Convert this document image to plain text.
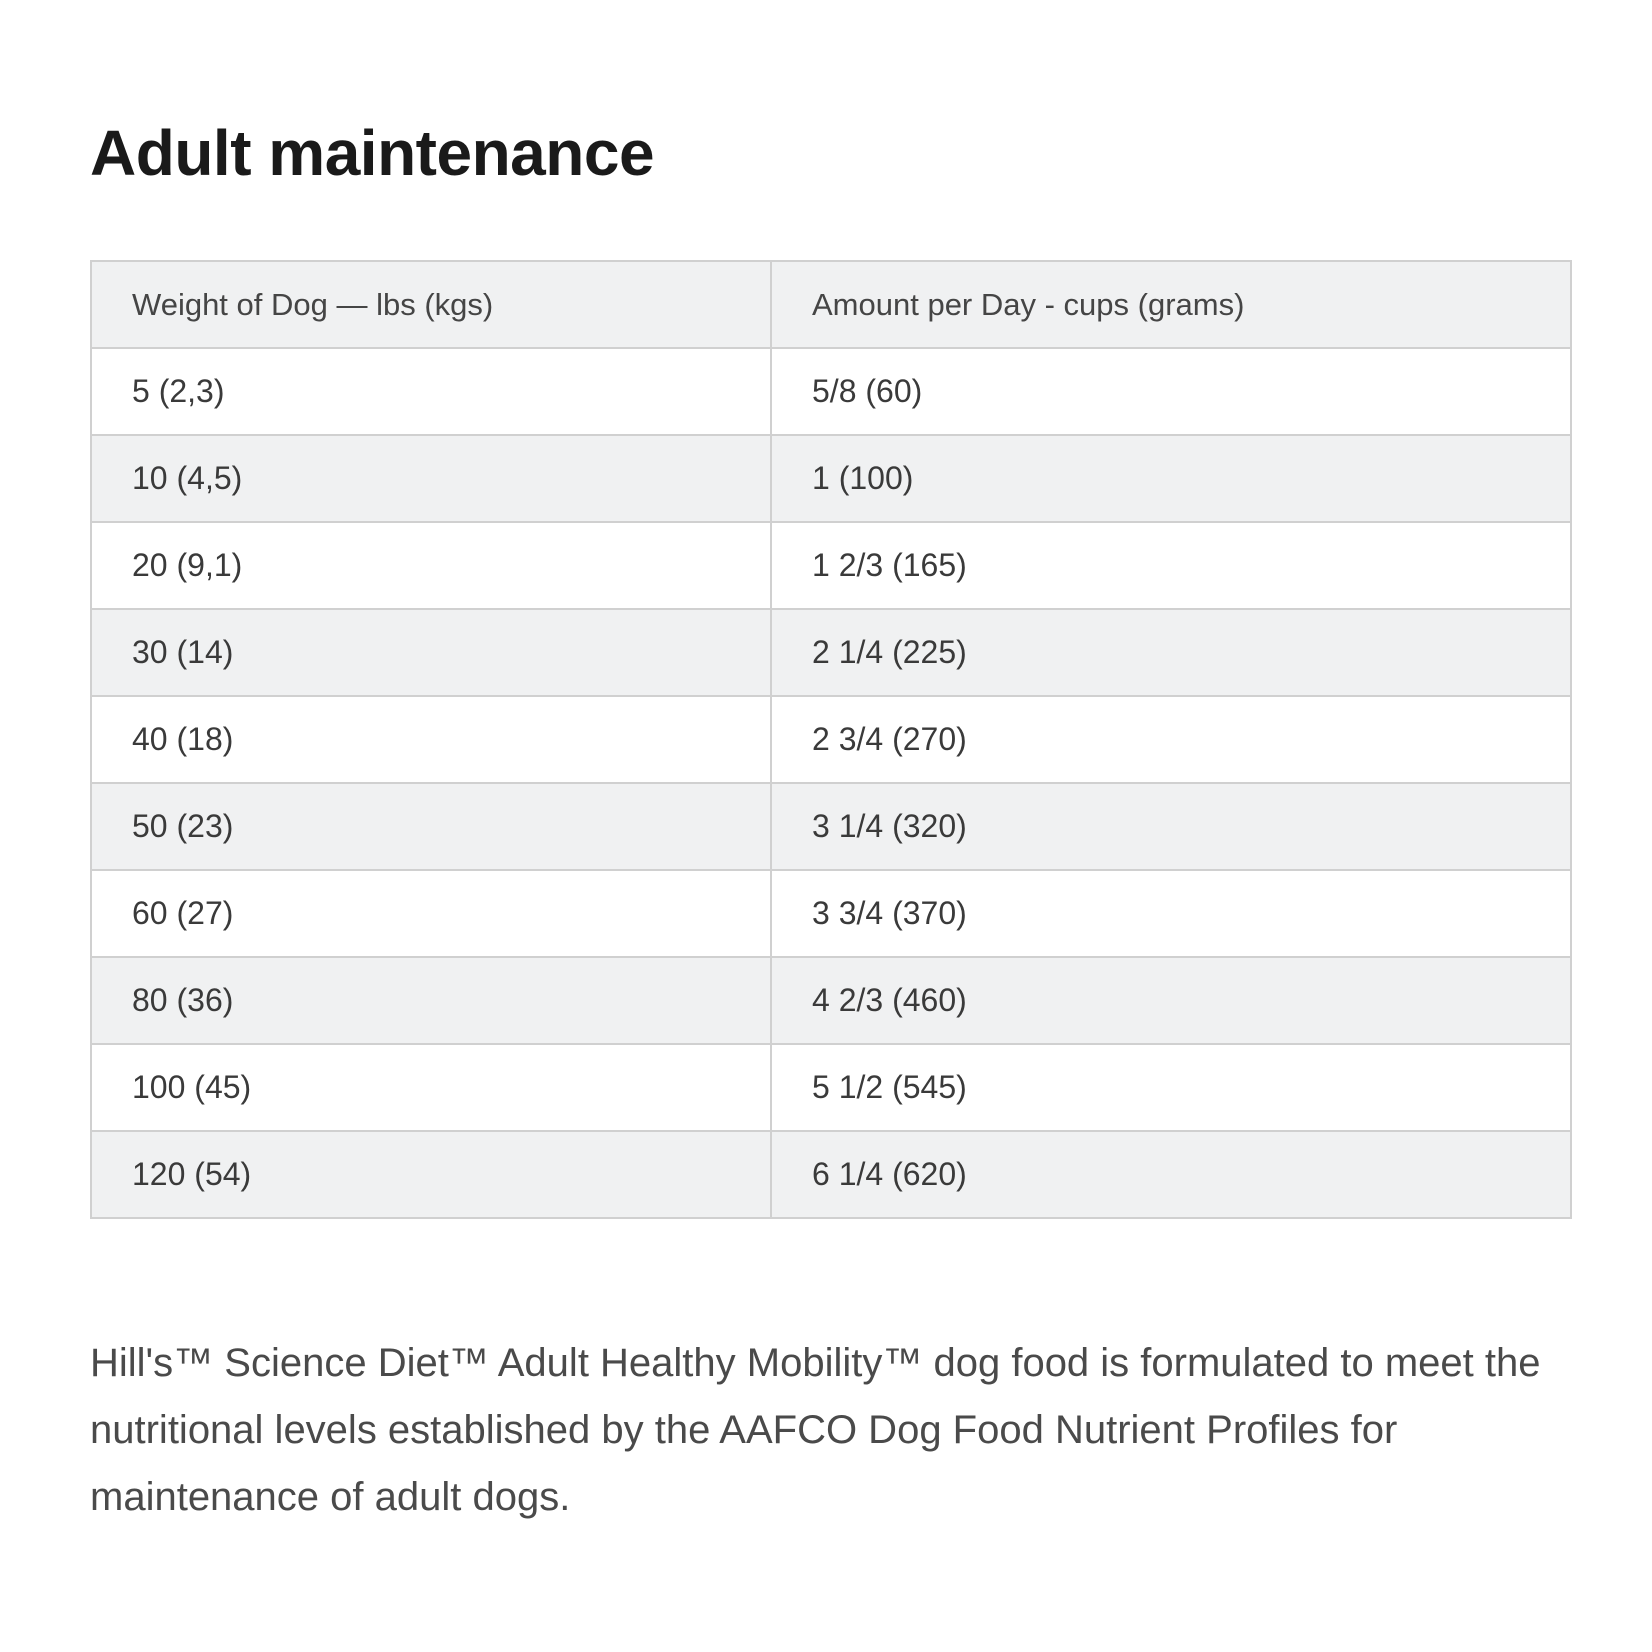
Adult maintenance
Weight of Dog — lbs (kgs)	Amount per Day - cups (grams)
5 (2,3)	5/8 (60)
10 (4,5)	1 (100)
20 (9,1)	1 2/3 (165)
30 (14)	2 1/4 (225)
40 (18)	2 3/4 (270)
50 (23)	3 1/4 (320)
60 (27)	3 3/4 (370)
80 (36)	4 2/3 (460)
100 (45)	5 1/2 (545)
120 (54)	6 1/4 (620)

Hill's™ Science Diet™ Adult Healthy Mobility™ dog food is formulated to meet the nutritional levels established by the AAFCO Dog Food Nutrient Profiles for maintenance of adult dogs.
